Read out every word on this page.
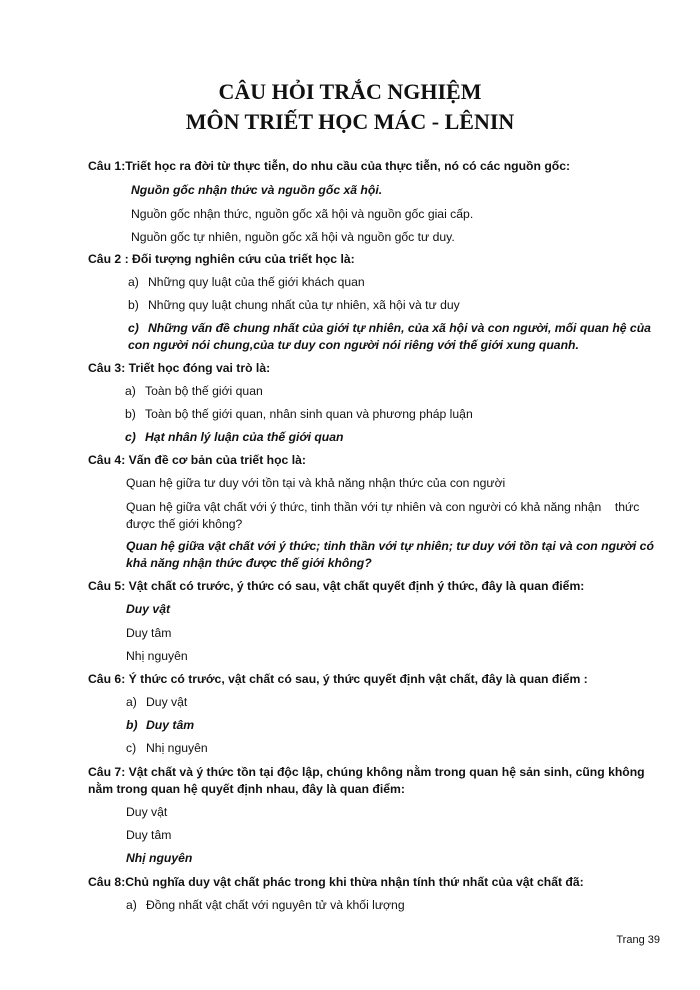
CÂU HỎI TRẮC NGHIỆM
MÔN TRIẾT HỌC MÁC - LÊNIN

Câu 1:Triết học ra đời từ thực tiễn, do nhu cầu của thực tiễn, nó có các nguồn gốc:

Nguồn gốc nhận thức và nguồn gốc xã hội.

Nguồn gốc nhận thức, nguồn gốc xã hội và nguồn gốc giai cấp.

Nguồn gốc tự nhiên, nguồn gốc xã hội và nguồn gốc tư duy.

Câu 2 : Đối tượng nghiên cứu của triết học là:

a) Những quy luật của thế giới khách quan

b) Những quy luật chung nhất của tự nhiên, xã hội và tư duy

c) Những vấn đề chung nhất của giới tự nhiên, của xã hội và con người, mối quan hệ của con người nói chung,của tư duy con người nói riêng với thế giới xung quanh.

Câu 3: Triết học đóng vai trò là:

a) Toàn bộ thế giới quan

b) Toàn bộ thế giới quan, nhân sinh quan và phương pháp luận

c) Hạt nhân lý luận của thế giới quan

Câu 4: Vấn đề cơ bản của triết học là:

Quan hệ giữa tư duy với tồn tại và khả năng nhận thức của con người

Quan hệ giữa vật chất với ý thức, tinh thần với tự nhiên và con người có khả năng nhận    thức được thế giới không?

Quan hệ giữa vật chất với ý thức; tinh thần với tự nhiên; tư duy với tồn tại và con người có khả năng nhận thức được thế giới không?

Câu 5: Vật chất có trước, ý thức có sau, vật chất quyết định ý thức, đây là quan điểm:

Duy vật

Duy tâm

Nhị nguyên

Câu 6: Ý thức có trước, vật chất có sau, ý thức quyết định vật chất, đây là quan điểm :

a) Duy vật

b) Duy tâm

c) Nhị nguyên

Câu 7: Vật chất và ý thức tồn tại độc lập, chúng không nằm trong quan hệ sản sinh, cũng không nằm trong quan hệ quyết định nhau, đây là quan điểm:

Duy vật

Duy tâm

Nhị nguyên

Câu 8:Chủ nghĩa duy vật chất phác trong khi thừa nhận tính thứ nhất của vật chất đã:

a) Đồng nhất vật chất với nguyên tử và khối lượng

Trang 39
